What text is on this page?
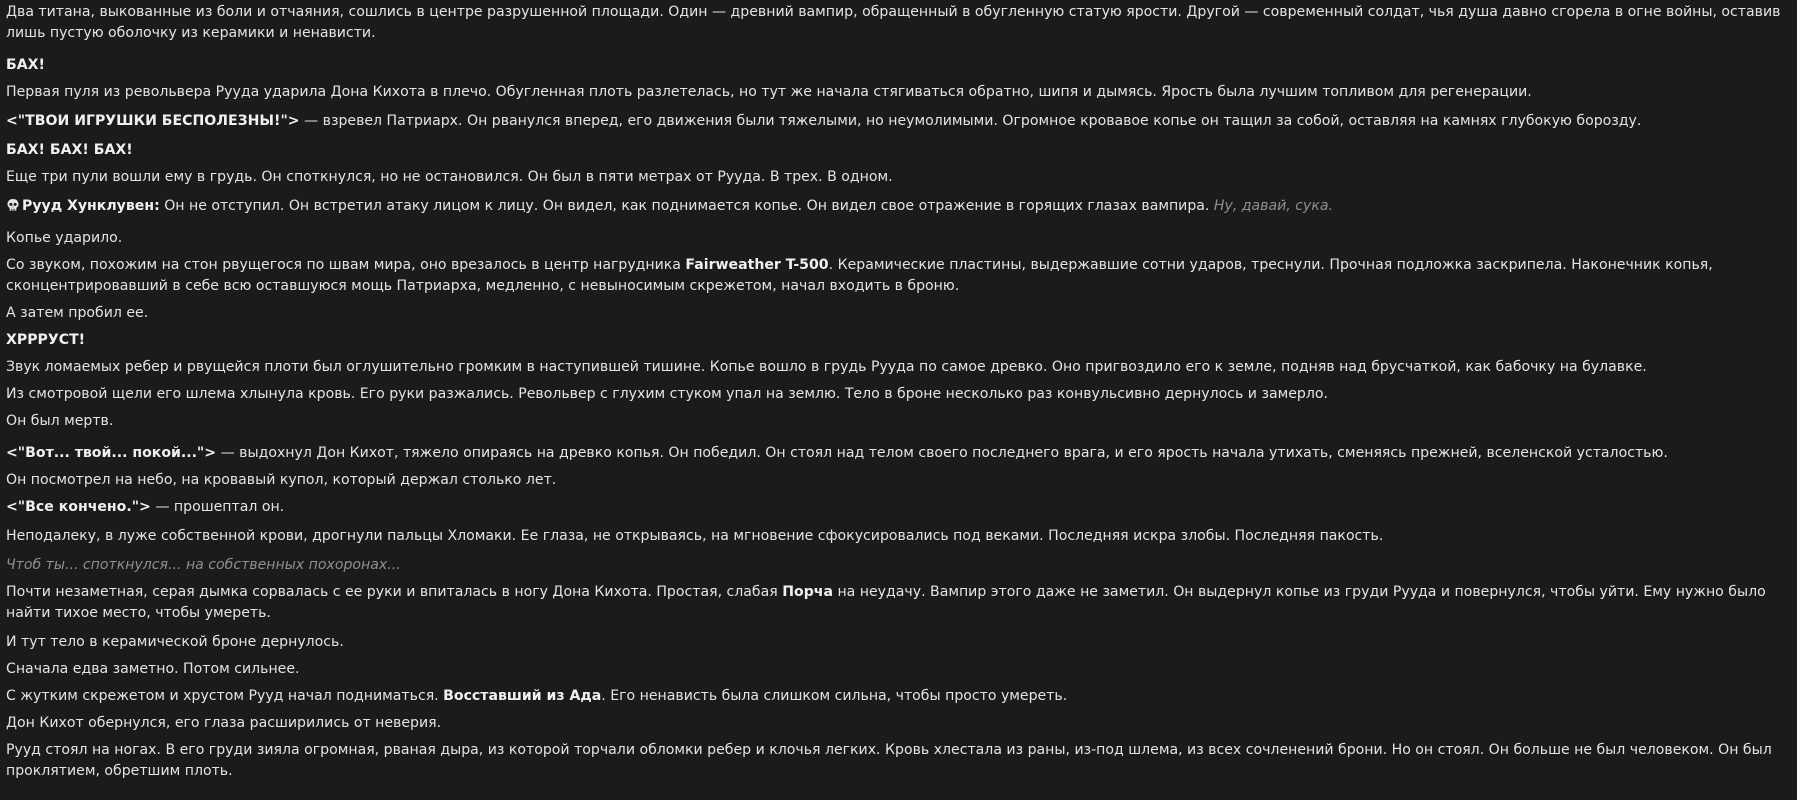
Два титана, выкованные из боли и отчаяния, сошлись в центре разрушенной площади. Один — древний вампир, обращенный в обугленную статую ярости. Другой — современный солдат, чья душа давно сгорела в огне войны, оставив лишь пустую оболочку из керамики и ненависти.

БАХ!

Первая пуля из револьвера Рууда ударила Дона Кихота в плечо. Обугленная плоть разлетелась, но тут же начала стягиваться обратно, шипя и дымясь. Ярость была лучшим топливом для регенерации.

<"ТВОИ ИГРУШКИ БЕСПОЛЕЗНЫ!"> — взревел Патриарх. Он рванулся вперед, его движения были тяжелыми, но неумолимыми. Огромное кровавое копье он тащил за собой, оставляя на камнях глубокую борозду.

БАХ! БАХ! БАХ!

Еще три пули вошли ему в грудь. Он споткнулся, но не остановился. Он был в пяти метрах от Рууда. В трех. В одном.

Рууд Хунклувен: Он не отступил. Он встретил атаку лицом к лицу. Он видел, как поднимается копье. Он видел свое отражение в горящих глазах вампира. Ну, давай, сука.

Копье ударило.

Со звуком, похожим на стон рвущегося по швам мира, оно врезалось в центр нагрудника Fairweather T-500. Керамические пластины, выдержавшие сотни ударов, треснули. Прочная подложка заскрипела. Наконечник копья, сконцентрировавший в себе всю оставшуюся мощь Патриарха, медленно, с невыносимым скрежетом, начал входить в броню.

А затем пробил ее.

ХРРРУСТ!

Звук ломаемых ребер и рвущейся плоти был оглушительно громким в наступившей тишине. Копье вошло в грудь Рууда по самое древко. Оно пригвоздило его к земле, подняв над брусчаткой, как бабочку на булавке.

Из смотровой щели его шлема хлынула кровь. Его руки разжались. Револьвер с глухим стуком упал на землю. Тело в броне несколько раз конвульсивно дернулось и замерло.

Он был мертв.

<"Вот... твой... покой..."> — выдохнул Дон Кихот, тяжело опираясь на древко копья. Он победил. Он стоял над телом своего последнего врага, и его ярость начала утихать, сменяясь прежней, вселенской усталостью.

Он посмотрел на небо, на кровавый купол, который держал столько лет.

<"Все кончено."> — прошептал он.

Неподалеку, в луже собственной крови, дрогнули пальцы Хломаки. Ее глаза, не открываясь, на мгновение сфокусировались под веками. Последняя искра злобы. Последняя пакость.

Чтоб ты... споткнулся... на собственных похоронах...

Почти незаметная, серая дымка сорвалась с ее руки и впиталась в ногу Дона Кихота. Простая, слабая Порча на неудачу. Вампир этого даже не заметил. Он выдернул копье из груди Рууда и повернулся, чтобы уйти. Ему нужно было найти тихое место, чтобы умереть.

И тут тело в керамической броне дернулось.

Сначала едва заметно. Потом сильнее.

С жутким скрежетом и хрустом Рууд начал подниматься. Восставший из Ада. Его ненависть была слишком сильна, чтобы просто умереть.

Дон Кихот обернулся, его глаза расширились от неверия.

Рууд стоял на ногах. В его груди зияла огромная, рваная дыра, из которой торчали обломки ребер и клочья легких. Кровь хлестала из раны, из-под шлема, из всех сочленений брони. Но он стоял. Он больше не был человеком. Он был проклятием, обретшим плоть.
